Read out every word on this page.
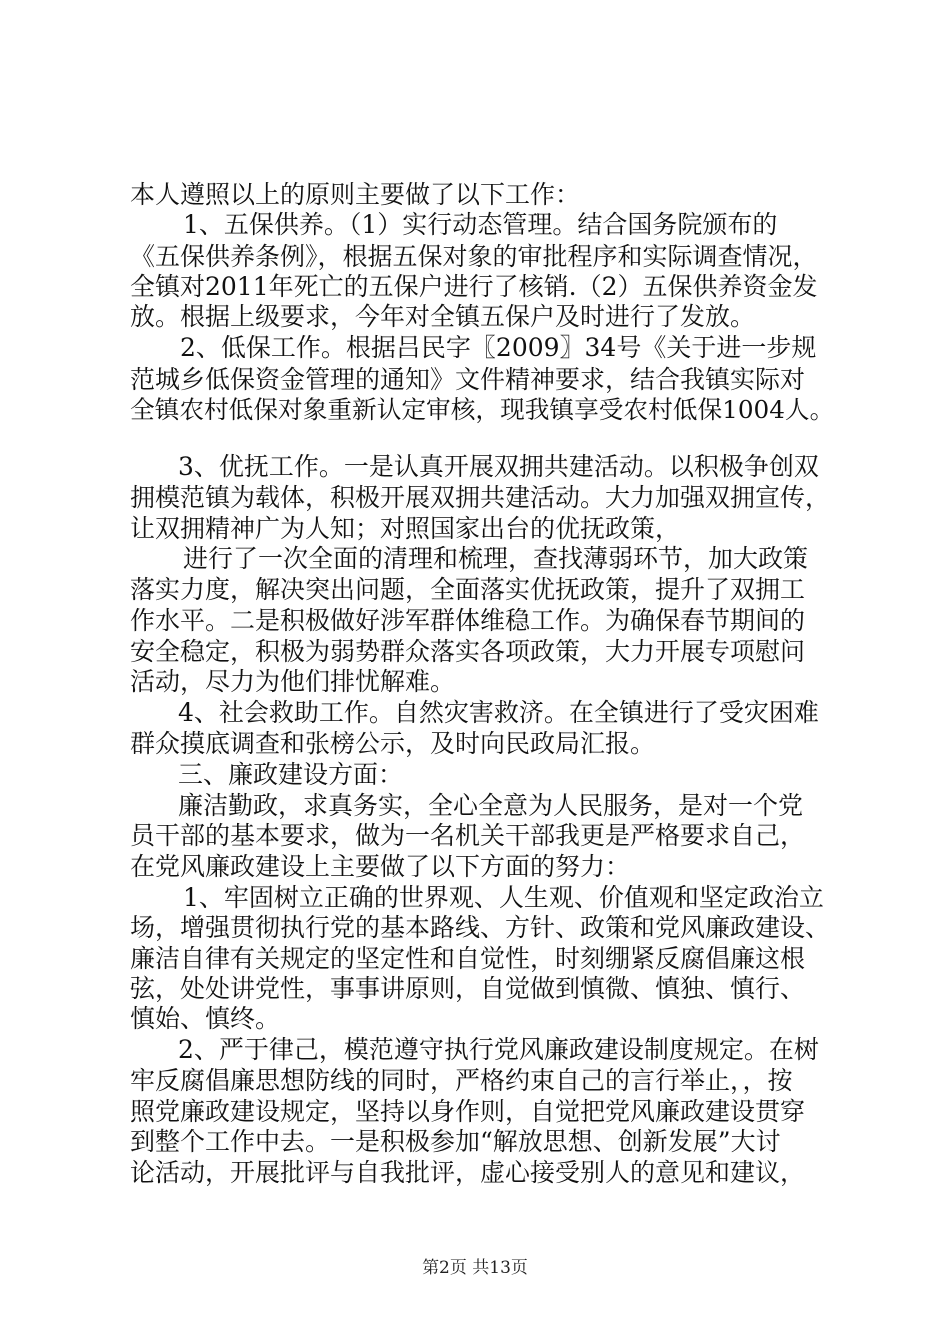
本人遵照以上的原则主要做了以下工作：

1、五保供养。（1）实行动态管理。结合国务院颁布的

《五保供养条例》，根据五保对象的审批程序和实际调查情况，

全镇对2011年死亡的五保户进行了核销.（2）五保供养资金发

放。根据上级要求，今年对全镇五保户及时进行了发放。

2、低保工作。根据吕民字〖2009〗34号《关于进一步规

范城乡低保资金管理的通知》文件精神要求，结合我镇实际对

全镇农村低保对象重新认定审核，现我镇享受农村低保1004人。

3、优抚工作。一是认真开展双拥共建活动。以积极争创双

拥模范镇为载体，积极开展双拥共建活动。大力加强双拥宣传，

让双拥精神广为人知；对照国家出台的优抚政策，

进行了一次全面的清理和梳理，查找薄弱环节，加大政策

落实力度，解决突出问题，全面落实优抚政策，提升了双拥工

作水平。二是积极做好涉军群体维稳工作。为确保春节期间的

安全稳定，积极为弱势群众落实各项政策，大力开展专项慰问

活动，尽力为他们排忧解难。

4、社会救助工作。自然灾害救济。在全镇进行了受灾困难

群众摸底调查和张榜公示，及时向民政局汇报。

三、廉政建设方面：

廉洁勤政，求真务实，全心全意为人民服务，是对一个党

员干部的基本要求，做为一名机关干部我更是严格要求自己，

在党风廉政建设上主要做了以下方面的努力：

1、牢固树立正确的世界观、人生观、价值观和坚定政治立

场，增强贯彻执行党的基本路线、方针、政策和党风廉政建设、

廉洁自律有关规定的坚定性和自觉性，时刻绷紧反腐倡廉这根

弦，处处讲党性，事事讲原则，自觉做到慎微、慎独、慎行、

慎始、慎终。

2、严于律己，模范遵守执行党风廉政建设制度规定。在树

牢反腐倡廉思想防线的同时，严格约束自己的言行举止，，按

照党廉政建设规定，坚持以身作则，自觉把党风廉政建设贯穿

到整个工作中去。一是积极参加“解放思想、创新发展”大讨

论活动，开展批评与自我批评，虚心接受别人的意见和建议，

第2页 共13页
